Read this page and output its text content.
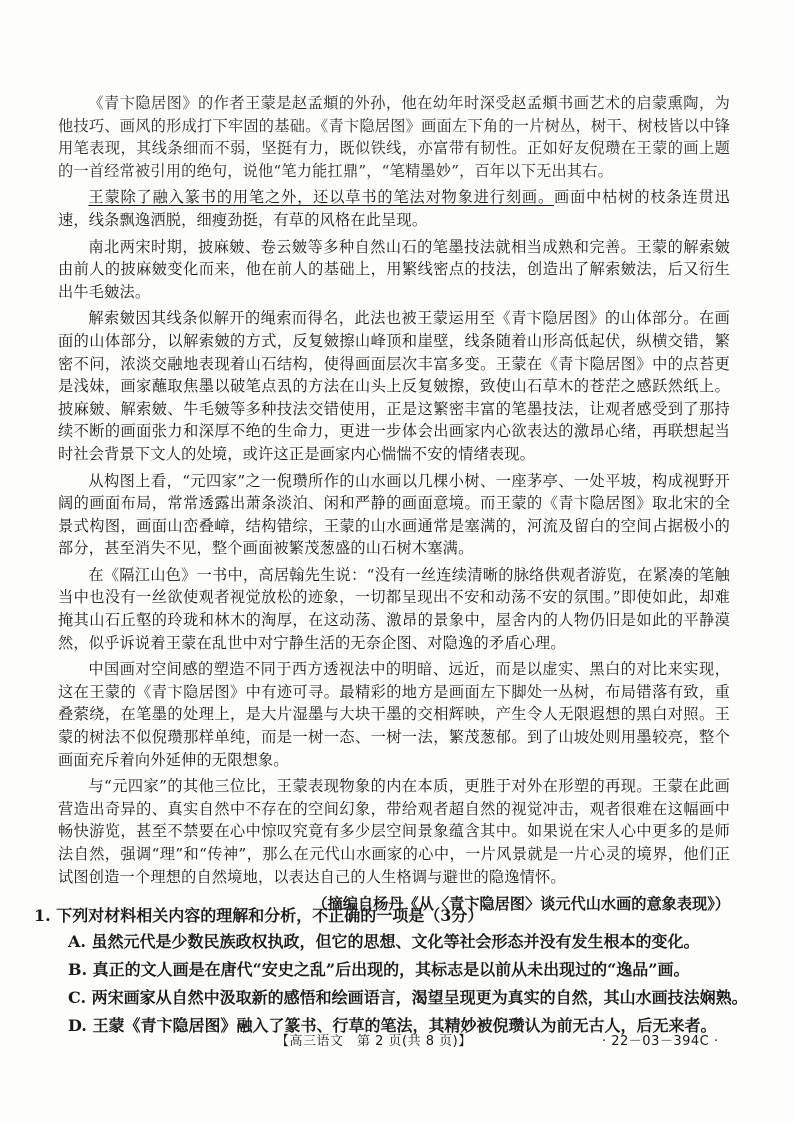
《青卞隐居图》的作者王蒙是赵孟頫的外孙，他在幼年时深受赵孟頫书画艺术的启蒙熏陶，为他技巧、画风的形成打下牢固的基础。《青卞隐居图》画面左下角的一片树丛，树干、树枝皆以中锋用笔表现，其线条细而不弱，坚挺有力，既似铁线，亦富带有韧性。正如好友倪瓒在王蒙的画上题的一首经常被引用的绝句，说他“笔力能扛鼎”，“笔精墨妙”，百年以下无出其右。

王蒙除了融入篆书的用笔之外，还以草书的笔法对物象进行刻画。画面中枯树的枝条连贯迅速，线条飘逸洒脱，细瘦劲挺，有草的风格在此呈现。

南北两宋时期，披麻皴、卷云皴等多种自然山石的笔墨技法就相当成熟和完善。王蒙的解索皴由前人的披麻皴变化而来，他在前人的基础上，用繁线密点的技法，创造出了解索皴法，后又衍生出牛毛皴法。

解索皴因其线条似解开的绳索而得名，此法也被王蒙运用至《青卞隐居图》的山体部分。在画面的山体部分，以解索皴的方式，反复皴擦山峰顶和崖壁，线条随着山形高低起伏，纵横交错，繁密不问，浓淡交融地表现着山石结构，使得画面层次丰富多变。王蒙在《青卞隐居图》中的点苔更是浅妹，画家蘸取焦墨以破笔点厾的方法在山头上反复皴擦，致使山石草木的苍茫之感跃然纸上。披麻皴、解索皴、牛毛皴等多种技法交错使用，正是这繁密丰富的笔墨技法，让观者感受到了那持续不断的画面张力和深厚不绝的生命力，更进一步体会出画家内心欲表达的激昂心绪，再联想起当时社会背景下文人的处境，或许这正是画家内心惴惴不安的情绪表现。

从构图上看，“元四家”之一倪瓒所作的山水画以几棵小树、一座茅亭、一处平坡，构成视野开阔的画面布局，常常透露出萧条淡泊、闲和严静的画面意境。而王蒙的《青卞隐居图》取北宋的全景式构图，画面山峦叠嶂，结构错综，王蒙的山水画通常是塞满的，河流及留白的空间占据极小的部分，甚至消失不见，整个画面被繁茂葱盛的山石树木塞满。

在《隔江山色》一书中，高居翰先生说：“没有一丝连续清晰的脉络供观者游览，在紧凑的笔触当中也没有一丝欲使观者视觉放松的迹象，一切都呈现出不安和动荡不安的氛围。”即使如此，却难掩其山石丘壑的玲珑和林木的淘厚，在这动荡、激昂的景象中，屋舍内的人物仍旧是如此的平静漠然，似乎诉说着王蒙在乱世中对宁静生活的无奈企图、对隐逸的矛盾心理。

中国画对空间感的塑造不同于西方透视法中的明暗、远近，而是以虚实、黑白的对比来实现，这在王蒙的《青卞隐居图》中有迹可寻。最精彩的地方是画面左下脚处一丛树，布局错落有致，重叠萦绕，在笔墨的处理上，是大片湿墨与大块干墨的交相辉映，产生令人无限遐想的黑白对照。王蒙的树法不似倪瓒那样单纯，而是一树一态、一树一法，繁茂葱郁。到了山坡处则用墨较亮，整个画面充斥着向外延伸的无限想象。

与“元四家”的其他三位比，王蒙表现物象的内在本质，更胜于对外在形塑的再现。王蒙在此画营造出奇异的、真实自然中不存在的空间幻象，带给观者超自然的视觉冲击，观者很难在这幅画中畅快游览，甚至不禁要在心中惊叹究竟有多少层空间景象蕴含其中。如果说在宋人心中更多的是师法自然，强调“理”和“传神”，那么在元代山水画家的心中，一片风景就是一片心灵的境界，他们正试图创造一个理想的自然境地，以表达自己的人生格调与避世的隐逸情怀。

（摘编自杨丹《从〈青卞隐居图〉谈元代山水画的意象表现》）
1. 下列对材料相关内容的理解和分析，不正确的一项是（3分）
A. 虽然元代是少数民族政权执政，但它的思想、文化等社会形态并没有发生根本的变化。
B. 真正的文人画是在唐代“安史之乱”后出现的，其标志是以前从未出现过的“逸品”画。
C. 两宋画家从自然中汲取新的感悟和绘画语言，渴望呈现更为真实的自然，其山水画技法娴熟。
D. 王蒙《青卞隐居图》融入了篆书、行草的笔法，其精妙被倪瓒认为前无古人，后无来者。
【高三语文　第 2 页(共 8 页)】	· 22－03－394C ·
